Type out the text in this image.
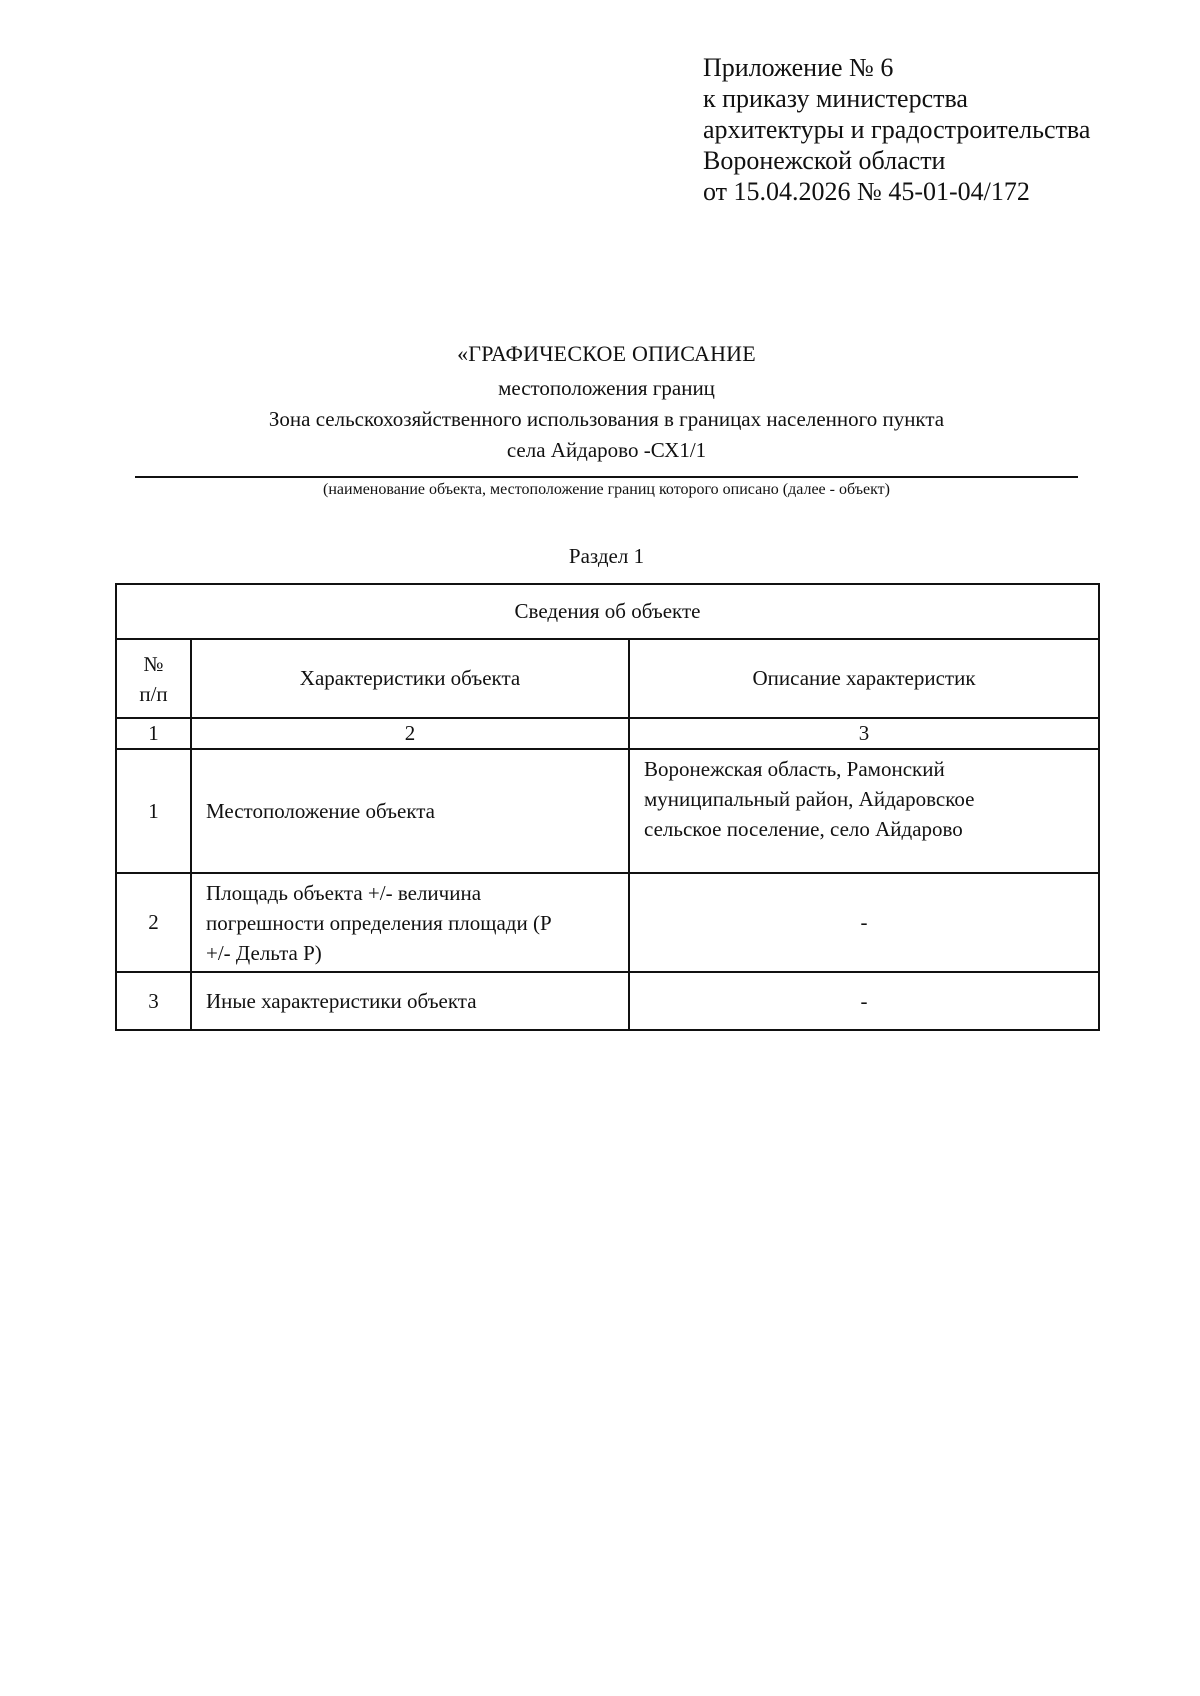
Приложение № 6
к приказу министерства
архитектуры и градостроительства
Воронежской области
от 15.04.2026 № 45-01-04/172
«ГРАФИЧЕСКОЕ ОПИСАНИЕ
местоположения границ
Зона сельскохозяйственного использования в границах населенного пункта
села Айдарово -СХ1/1
(наименование объекта, местоположение границ которого описано (далее - объект)
Раздел 1
Сведения об объекте		

№
п/п	Характеристики объекта	Описание характеристик
1	2	3
1	Местоположение объекта	Воронежская область, Рамонский
муниципальный район, Айдаровское
сельское поселение, село Айдарово

2	Площадь объекта +/- величина
погрешности определения площади (Р
+/- Дельта Р)	-
3	Иные характеристики объекта	-
